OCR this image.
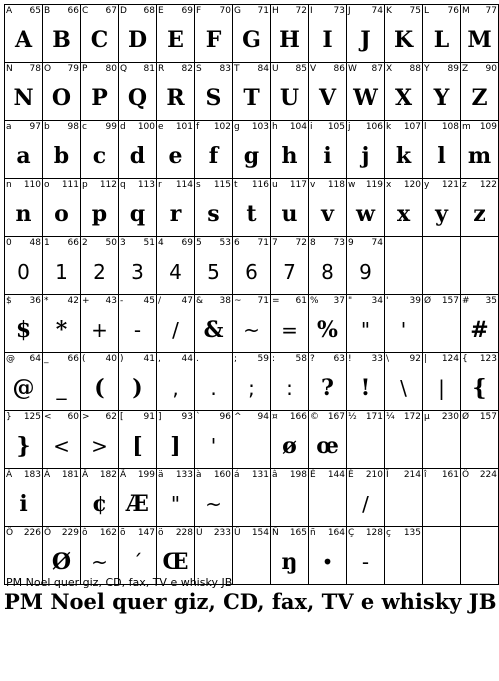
A 65
A
B 66
B
C 67
C
D 68
D
E 69
E
F 70
F
G 71
G
H 72
H
I 73
I
J 74
J
K 75
K
L 76
L
M 77
M
N 78
N
O 79
O
P 80
P
Q 81
Q
R 82
R
S 83
S
T 84
T
U 85
U
V 86
V
W 87
W
X 88
X
Y 89
Y
Z 90
Z
a 97
a
b 98
b
c 99
c
d 100
d
e 101
e
f 102
f
g 103
g
h 104
h
i 105
i
j 106
j
k 107
k
l 108
l
m 109
m
n 110
n
o 111
o
p 112
p
q 113
q
r 114
r
s 115
s
t 116
t
u 117
u
v 118
v
w 119
w
x 120
x
y 121
y
z 122
z
0 48
0
1 66
1
2 50
2
3 51
3
4 69
4
5 53
5
6 71
6
7 72
7
8 73
8
9 74
9
$ 36
$
* 42
*
+ 43
+
- 45
-
/ 47
/
& 38
&
~ 71
~
= 61
=
% 37
%
" 34
"
' 39
'
Ø 157 # 35
#
@ 64
@
_ 66
_
( 40
(
) 41
)
, 44
,
.
.
; 59
;
: 58
:
? 63
?
! 33
!
\ 92
\
| 124
|
{ 123
{
} 125
}
< 60
<
> 62
>
[ 91
[
] 93
]
` 96
'
^ 94 ¤ 166
ø
© 167
œ
½ 171 ¼ 172 µ 230 Ø 157
À 183
i
Á 181 Â 182
¢
Ã 199
Æ
ä 133
"
à 160
~
á 131 â 198 É 144 È 210
/
Î 214 î 161 Ö 224
Ô 226 Õ 229
Ø
ô 162
~
õ 147
´
ö 228
Œ
Ú 233 Û 154 Ñ 165
ŋ
ñ 164
•
Ç 128
-
ç 135
PM Noel quer giz, CD, fax, TV e whisky JB
PM Noel quer giz, CD, fax, TV e whisky JB
